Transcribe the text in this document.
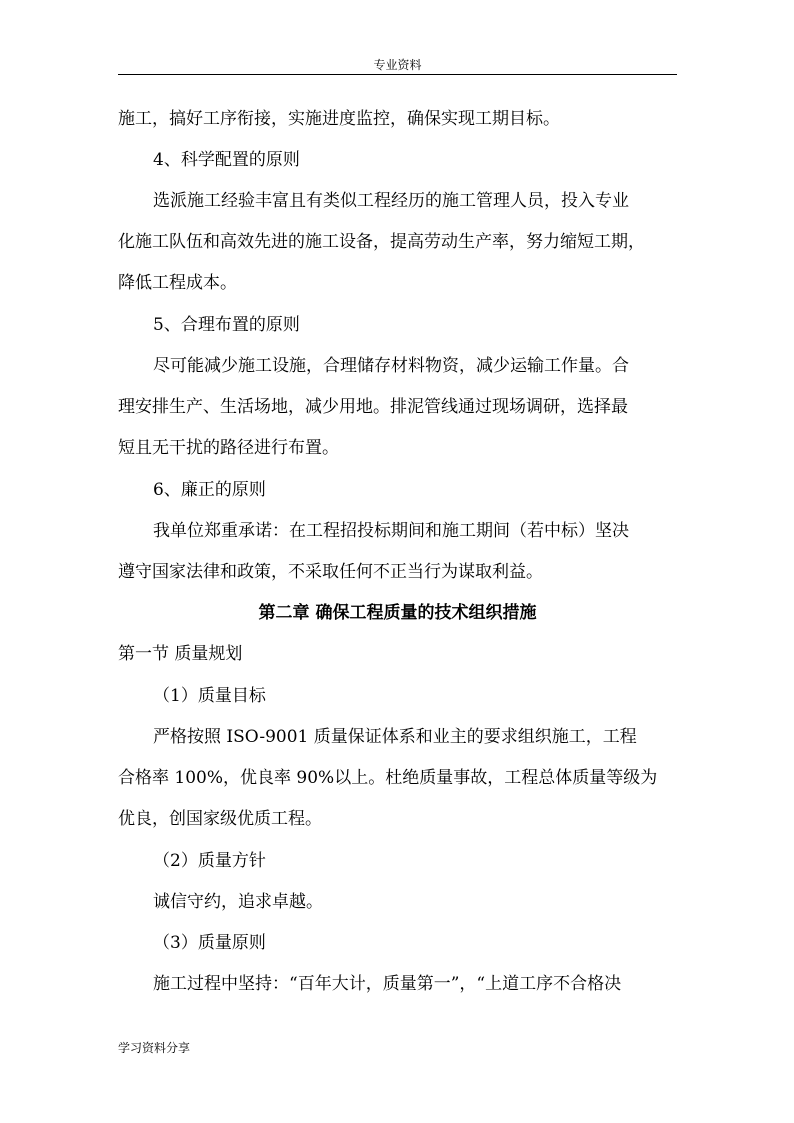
专业资料
施工，搞好工序衔接，实施进度监控，确保实现工期目标。
4、科学配置的原则
选派施工经验丰富且有类似工程经历的施工管理人员，投入专业
化施工队伍和高效先进的施工设备，提高劳动生产率，努力缩短工期，
降低工程成本。
5、合理布置的原则
尽可能减少施工设施，合理储存材料物资，减少运输工作量。合
理安排生产、生活场地，减少用地。排泥管线通过现场调研，选择最
短且无干扰的路径进行布置。
6、廉正的原则
我单位郑重承诺：在工程招投标期间和施工期间（若中标）坚决
遵守国家法律和政策，不采取任何不正当行为谋取利益。
第二章 确保工程质量的技术组织措施
第一节 质量规划
（1）质量目标
严格按照 ISO-9001 质量保证体系和业主的要求组织施工，工程
合格率 100%，优良率 90%以上。杜绝质量事故，工程总体质量等级为
优良，创国家级优质工程。
（2）质量方针
诚信守约，追求卓越。
（3）质量原则
施工过程中坚持：“百年大计，质量第一”，“上道工序不合格决
学习资料分享
